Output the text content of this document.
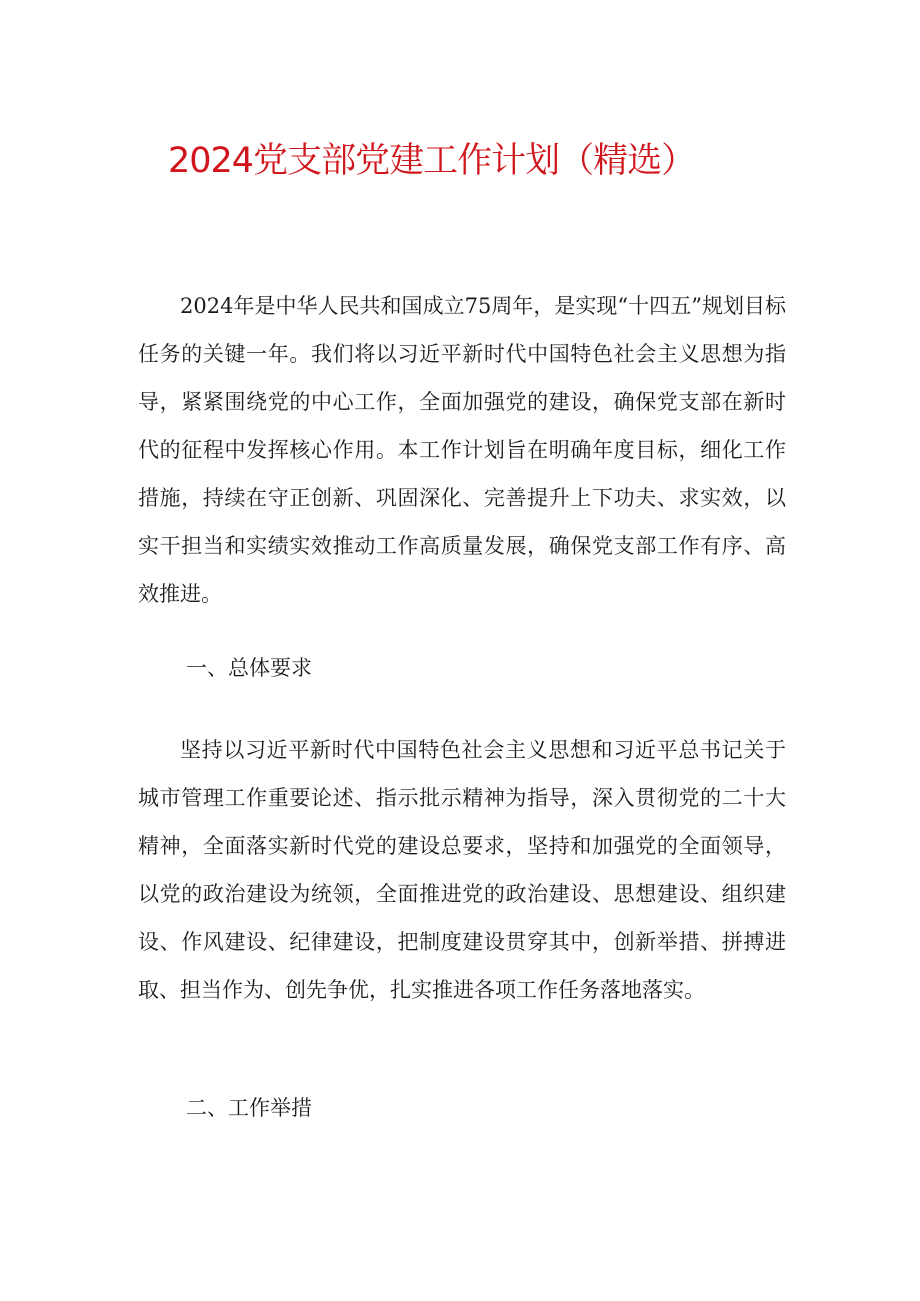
2024党支部党建工作计划（精选）

2024年是中华人民共和国成立75周年，是实现“十四五”规划目标任务的关键一年。我们将以习近平新时代中国特色社会主义思想为指导，紧紧围绕党的中心工作，全面加强党的建设，确保党支部在新时代的征程中发挥核心作用。本工作计划旨在明确年度目标，细化工作措施，持续在守正创新、巩固深化、完善提升上下功夫、求实效，以实干担当和实绩实效推动工作高质量发展，确保党支部工作有序、高效推进。

一、总体要求

坚持以习近平新时代中国特色社会主义思想和习近平总书记关于城市管理工作重要论述、指示批示精神为指导，深入贯彻党的二十大精神，全面落实新时代党的建设总要求，坚持和加强党的全面领导，以党的政治建设为统领，全面推进党的政治建设、思想建设、组织建设、作风建设、纪律建设，把制度建设贯穿其中，创新举措、拼搏进取、担当作为、创先争优，扎实推进各项工作任务落地落实。

二、工作举措
